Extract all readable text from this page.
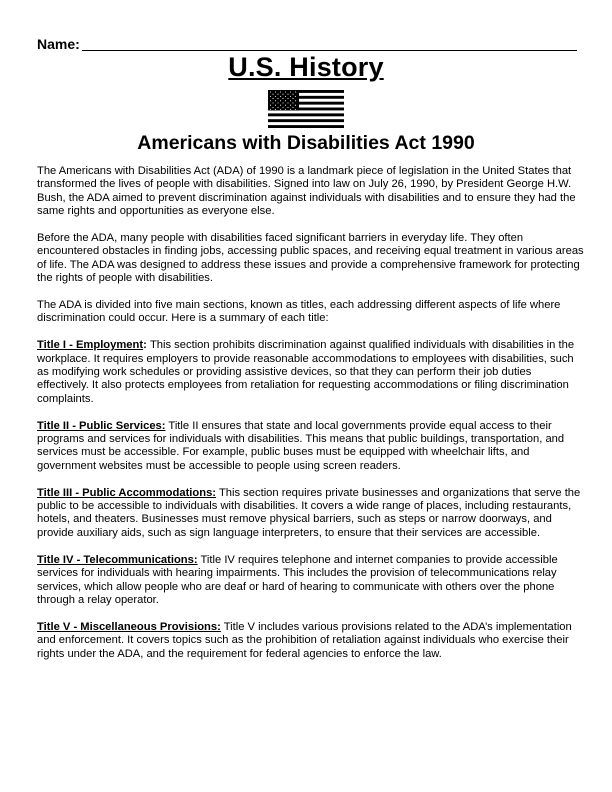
Name:
U.S. History
Americans with Disabilities Act 1990

The Americans with Disabilities Act (ADA) of 1990 is a landmark piece of legislation in the United States that transformed the lives of people with disabilities. Signed into law on July 26, 1990, by President George H.W. Bush, the ADA aimed to prevent discrimination against individuals with disabilities and to ensure they had the same rights and opportunities as everyone else.

Before the ADA, many people with disabilities faced significant barriers in everyday life. They often encountered obstacles in finding jobs, accessing public spaces, and receiving equal treatment in various areas of life. The ADA was designed to address these issues and provide a comprehensive framework for protecting the rights of people with disabilities.

The ADA is divided into five main sections, known as titles, each addressing different aspects of life where discrimination could occur. Here is a summary of each title:

Title I - Employment: This section prohibits discrimination against qualified individuals with disabilities in the workplace. It requires employers to provide reasonable accommodations to employees with disabilities, such as modifying work schedules or providing assistive devices, so that they can perform their job duties effectively. It also protects employees from retaliation for requesting accommodations or filing discrimination complaints.

Title II - Public Services: Title II ensures that state and local governments provide equal access to their programs and services for individuals with disabilities. This means that public buildings, transportation, and services must be accessible. For example, public buses must be equipped with wheelchair lifts, and government websites must be accessible to people using screen readers.

Title III - Public Accommodations: This section requires private businesses and organizations that serve the public to be accessible to individuals with disabilities. It covers a wide range of places, including restaurants, hotels, and theaters. Businesses must remove physical barriers, such as steps or narrow doorways, and provide auxiliary aids, such as sign language interpreters, to ensure that their services are accessible.

Title IV - Telecommunications: Title IV requires telephone and internet companies to provide accessible services for individuals with hearing impairments. This includes the provision of telecommunications relay services, which allow people who are deaf or hard of hearing to communicate with others over the phone through a relay operator.

Title V - Miscellaneous Provisions: Title V includes various provisions related to the ADA’s implementation and enforcement. It covers topics such as the prohibition of retaliation against individuals who exercise their rights under the ADA, and the requirement for federal agencies to enforce the law.
